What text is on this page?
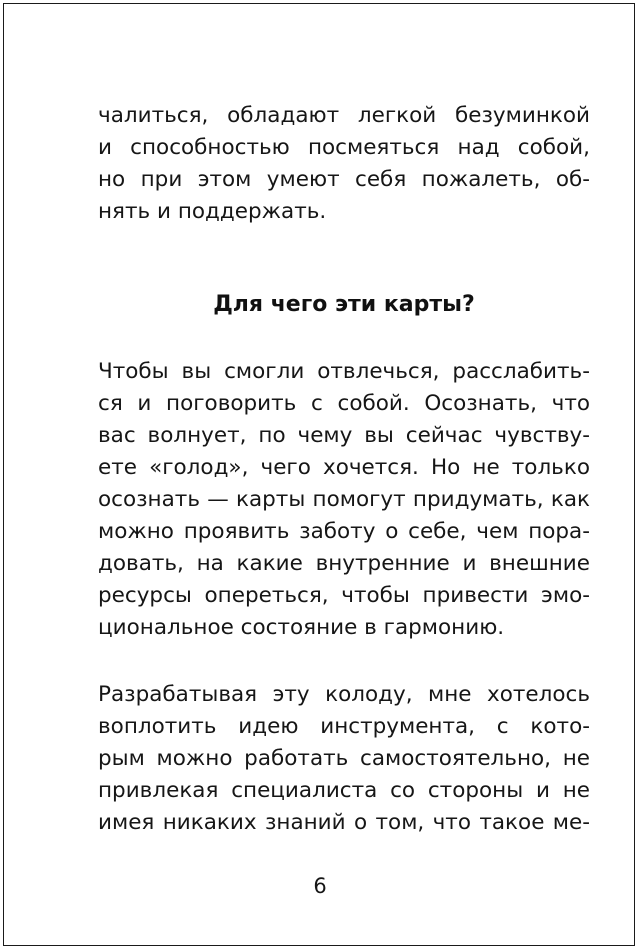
чалиться, обладают легкой безуминкой
и способностью посмеяться над собой,
но при этом умеют себя пожалеть, об-
нять и поддержать.
Для чего эти карты?
Чтобы вы смогли отвлечься, расслабить-
ся и поговорить с собой. Осознать, что
вас волнует, по чему вы сейчас чувству-
ете «голод», чего хочется. Но не только
осознать — карты помогут придумать, как
можно проявить заботу о себе, чем пора-
довать, на какие внутренние и внешние
ресурсы опереться, чтобы привести эмо-
циональное состояние в гармонию.
Разрабатывая эту колоду, мне хотелось
воплотить идею инструмента, с кото-
рым можно работать самостоятельно, не
привлекая специалиста со стороны и не
имея никаких знаний о том, что такое ме-
6
